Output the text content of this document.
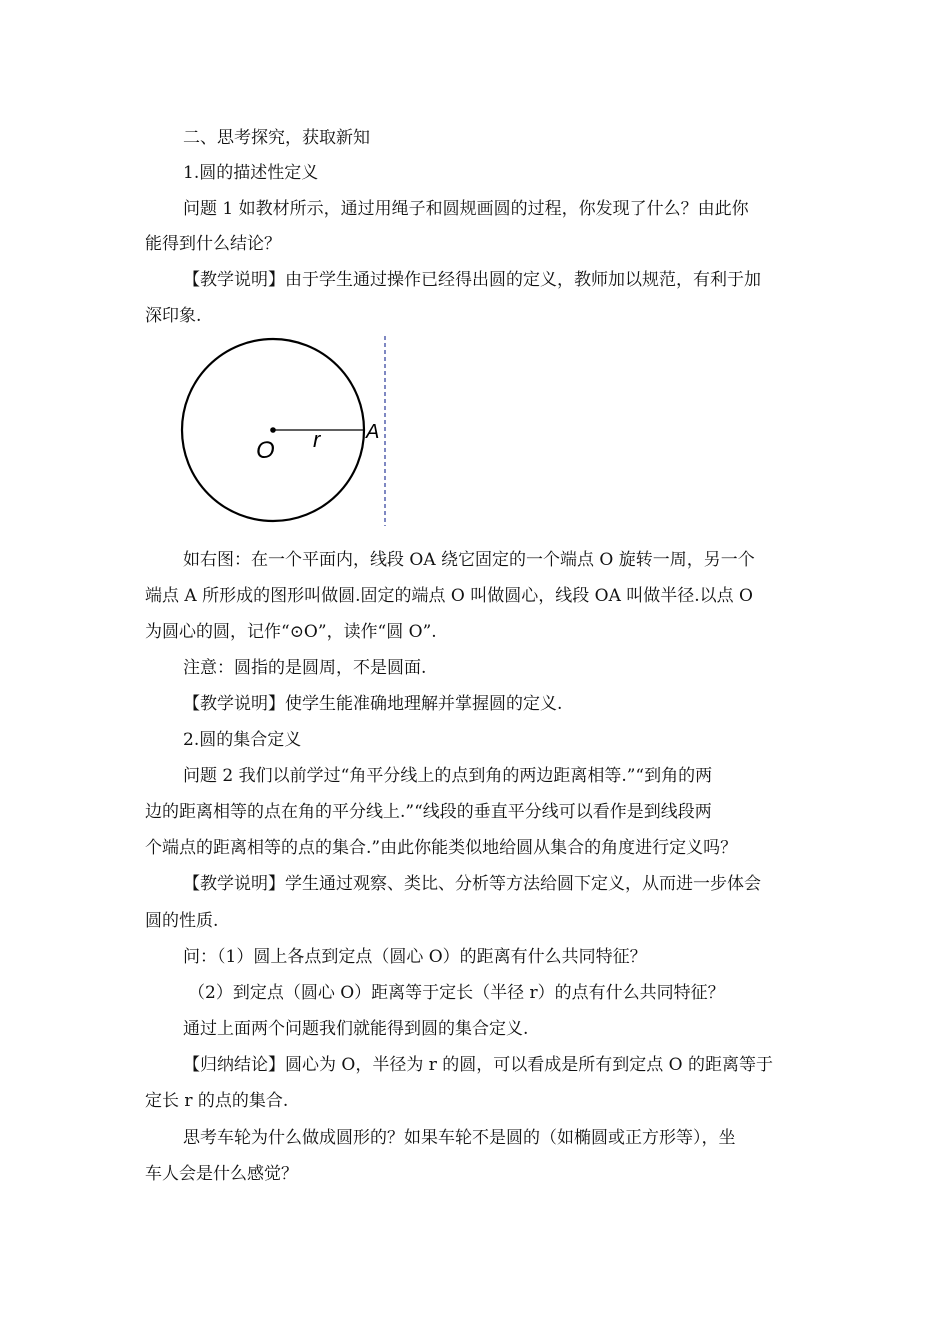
二、思考探究，获取新知
1.圆的描述性定义
问题 1 如教材所示，通过用绳子和圆规画圆的过程，你发现了什么？由此你
能得到什么结论？
【教学说明】由于学生通过操作已经得出圆的定义，教师加以规范，有利于加
深印象.
O r A
如右图：在一个平面内，线段 OA 绕它固定的一个端点 O 旋转一周，另一个
端点 A 所形成的图形叫做圆.固定的端点 O 叫做圆心，线段 OA 叫做半径.以点 O
为圆心的圆，记作“⊙O”，读作“圆 O”.
注意：圆指的是圆周，不是圆面.
【教学说明】使学生能准确地理解并掌握圆的定义.
2.圆的集合定义
问题 2 我们以前学过“角平分线上的点到角的两边距离相等.”“到角的两
边的距离相等的点在角的平分线上.”“线段的垂直平分线可以看作是到线段两
个端点的距离相等的点的集合.”由此你能类似地给圆从集合的角度进行定义吗？
【教学说明】学生通过观察、类比、分析等方法给圆下定义，从而进一步体会
圆的性质.
问：（1）圆上各点到定点（圆心 O）的距离有什么共同特征？
（2）到定点（圆心 O）距离等于定长（半径 r）的点有什么共同特征？
通过上面两个问题我们就能得到圆的集合定义.
【归纳结论】圆心为 O，半径为 r 的圆，可以看成是所有到定点 O 的距离等于
定长 r 的点的集合.
思考车轮为什么做成圆形的？如果车轮不是圆的（如椭圆或正方形等），坐
车人会是什么感觉？
